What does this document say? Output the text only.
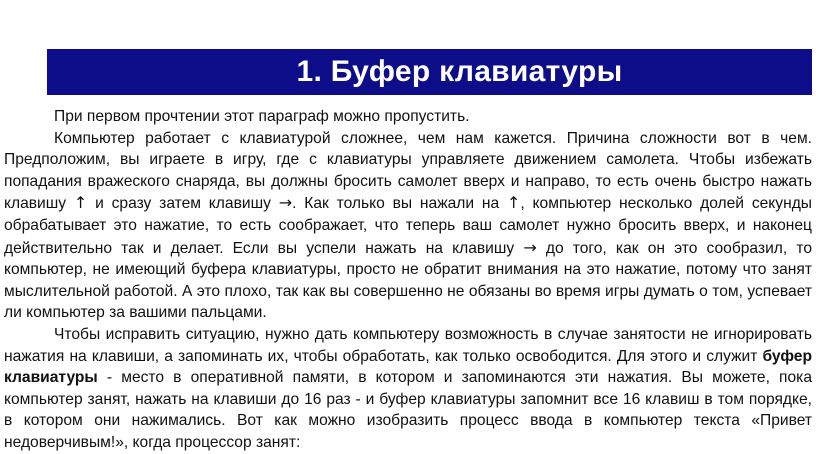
1. Буфер клавиатуры

При первом прочтении этот параграф можно пропустить.

Компьютер работает с клавиатурой сложнее, чем нам кажется. Причина сложности вот в чем. Предположим, вы играете в игру, где с клавиатуры управляете движением самолета. Чтобы избежать попадания вражеского снаряда, вы должны бросить самолет вверх и направо, то есть очень быстро нажать клавишу ↑ и сразу затем клавишу →. Как только вы нажали на ↑, компьютер несколько долей секунды обрабатывает это нажатие, то есть соображает, что теперь ваш самолет нужно бросить вверх, и наконец действительно так и делает. Если вы успели нажать на клавишу → до того, как он это сообразил, то компьютер, не имеющий буфера клавиатуры, просто не обратит внимания на это нажатие, потому что занят мыслительной работой. А это плохо, так как вы совершенно не обязаны во время игры думать о том, успевает ли компьютер за вашими пальцами.

Чтобы исправить ситуацию, нужно дать компьютеру возможность в случае занятости не игнорировать нажатия на клавиши, а запоминать их, чтобы обработать, как только освободится. Для этого и служит буфер клавиатуры - место в оперативной памяти, в котором и запоминаются эти нажатия. Вы можете, пока компьютер занят, нажать на клавиши до 16 раз - и буфер клавиатуры запомнит все 16 клавиш в том порядке, в котором они нажимались. Вот как можно изобразить процесс ввода в компьютер текста «Привет недоверчивым!», когда процессор занят:
